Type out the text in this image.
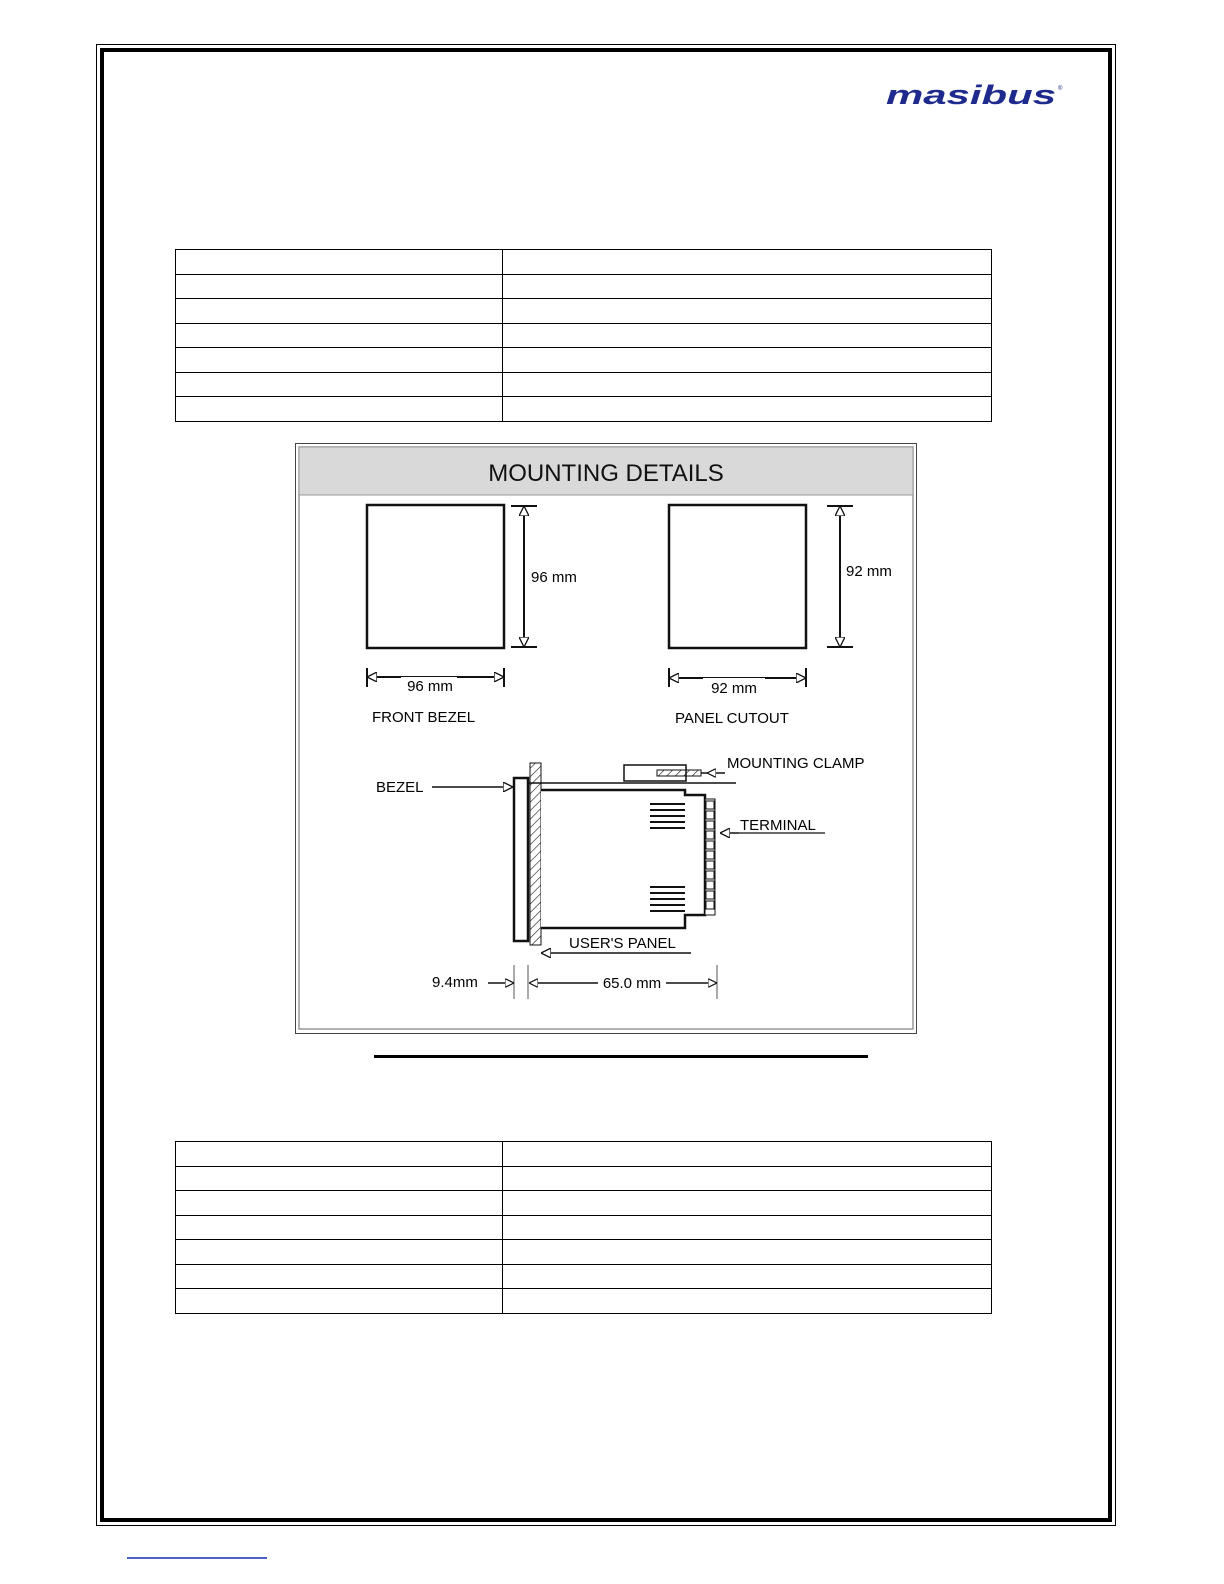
masibus ®

MOUNTING DETAILS
96 mm
96 mm
FRONT BEZEL
92 mm
92 mm
PANEL CUTOUT
MOUNTING CLAMP
BEZEL
TERMINAL
USER'S PANEL
9.4mm	65.0 mm
